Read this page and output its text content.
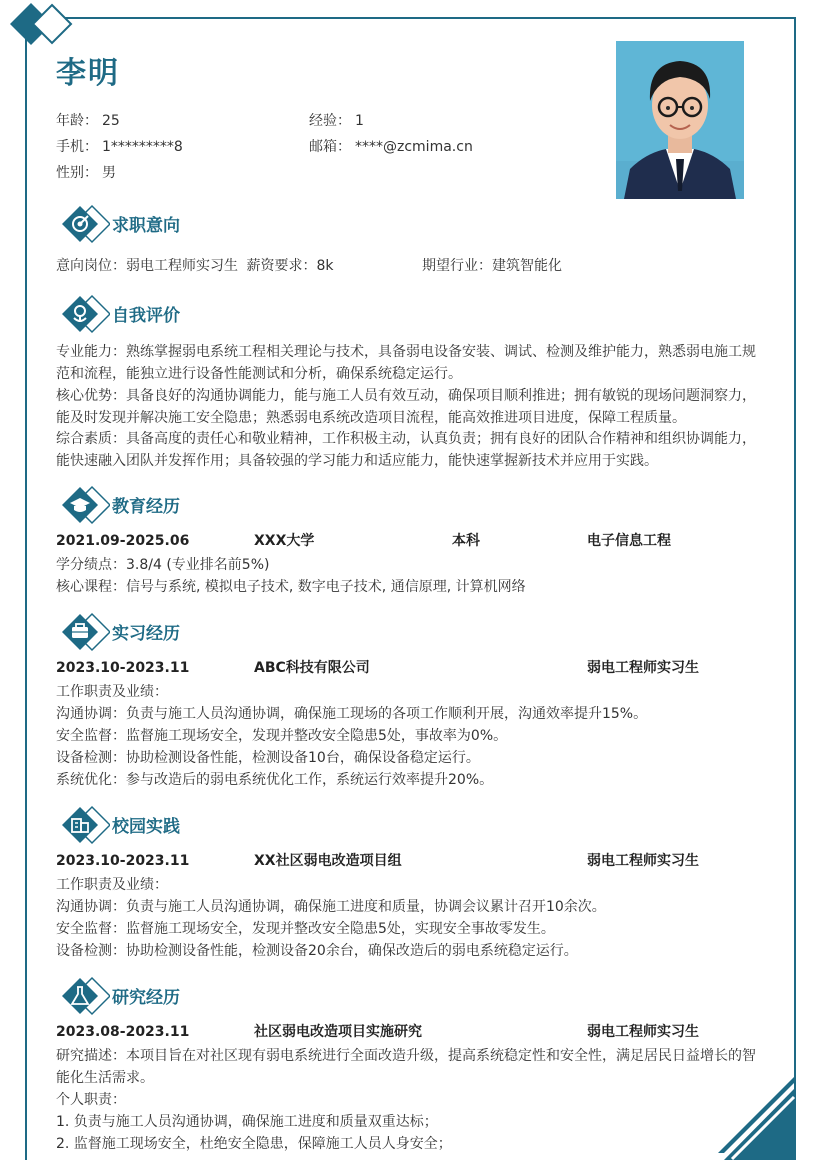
李明
年龄： 25	经验： 1
手机： 1*********8	邮箱： ****@zcmima.cn
性别： 男
求职意向
意向岗位：弱电工程师实习生 薪资要求：8k	期望行业：建筑智能化
自我评价
专业能力：熟练掌握弱电系统工程相关理论与技术，具备弱电设备安装、调试、检测及维护能力，熟悉弱电施工规范和流程，能独立进行设备性能测试和分析，确保系统稳定运行。
核心优势：具备良好的沟通协调能力，能与施工人员有效互动，确保项目顺利推进；拥有敏锐的现场问题洞察力，能及时发现并解决施工安全隐患；熟悉弱电系统改造项目流程，能高效推进项目进度，保障工程质量。
综合素质：具备高度的责任心和敬业精神，工作积极主动，认真负责；拥有良好的团队合作精神和组织协调能力，能快速融入团队并发挥作用；具备较强的学习能力和适应能力，能快速掌握新技术并应用于实践。
教育经历
2021.09-2025.06	XXX大学	本科	电子信息工程
学分绩点：3.8/4 (专业排名前5%)
核心课程：信号与系统, 模拟电子技术, 数字电子技术, 通信原理, 计算机网络
实习经历
2023.10-2023.11	ABC科技有限公司	弱电工程师实习生
工作职责及业绩：
沟通协调：负责与施工人员沟通协调，确保施工现场的各项工作顺利开展，沟通效率提升15%。
安全监督：监督施工现场安全，发现并整改安全隐患5处，事故率为0%。
设备检测：协助检测设备性能，检测设备10台，确保设备稳定运行。
系统优化：参与改造后的弱电系统优化工作，系统运行效率提升20%。
校园实践
2023.10-2023.11	XX社区弱电改造项目组	弱电工程师实习生
工作职责及业绩：
沟通协调：负责与施工人员沟通协调，确保施工进度和质量，协调会议累计召开10余次。
安全监督：监督施工现场安全，发现并整改安全隐患5处，实现安全事故零发生。
设备检测：协助检测设备性能，检测设备20余台，确保改造后的弱电系统稳定运行。
研究经历
2023.08-2023.11	社区弱电改造项目实施研究	弱电工程师实习生
研究描述：本项目旨在对社区现有弱电系统进行全面改造升级，提高系统稳定性和安全性，满足居民日益增长的智能化生活需求。
个人职责：
1. 负责与施工人员沟通协调，确保施工进度和质量双重达标；
2. 监督施工现场安全，杜绝安全隐患，保障施工人员人身安全；
